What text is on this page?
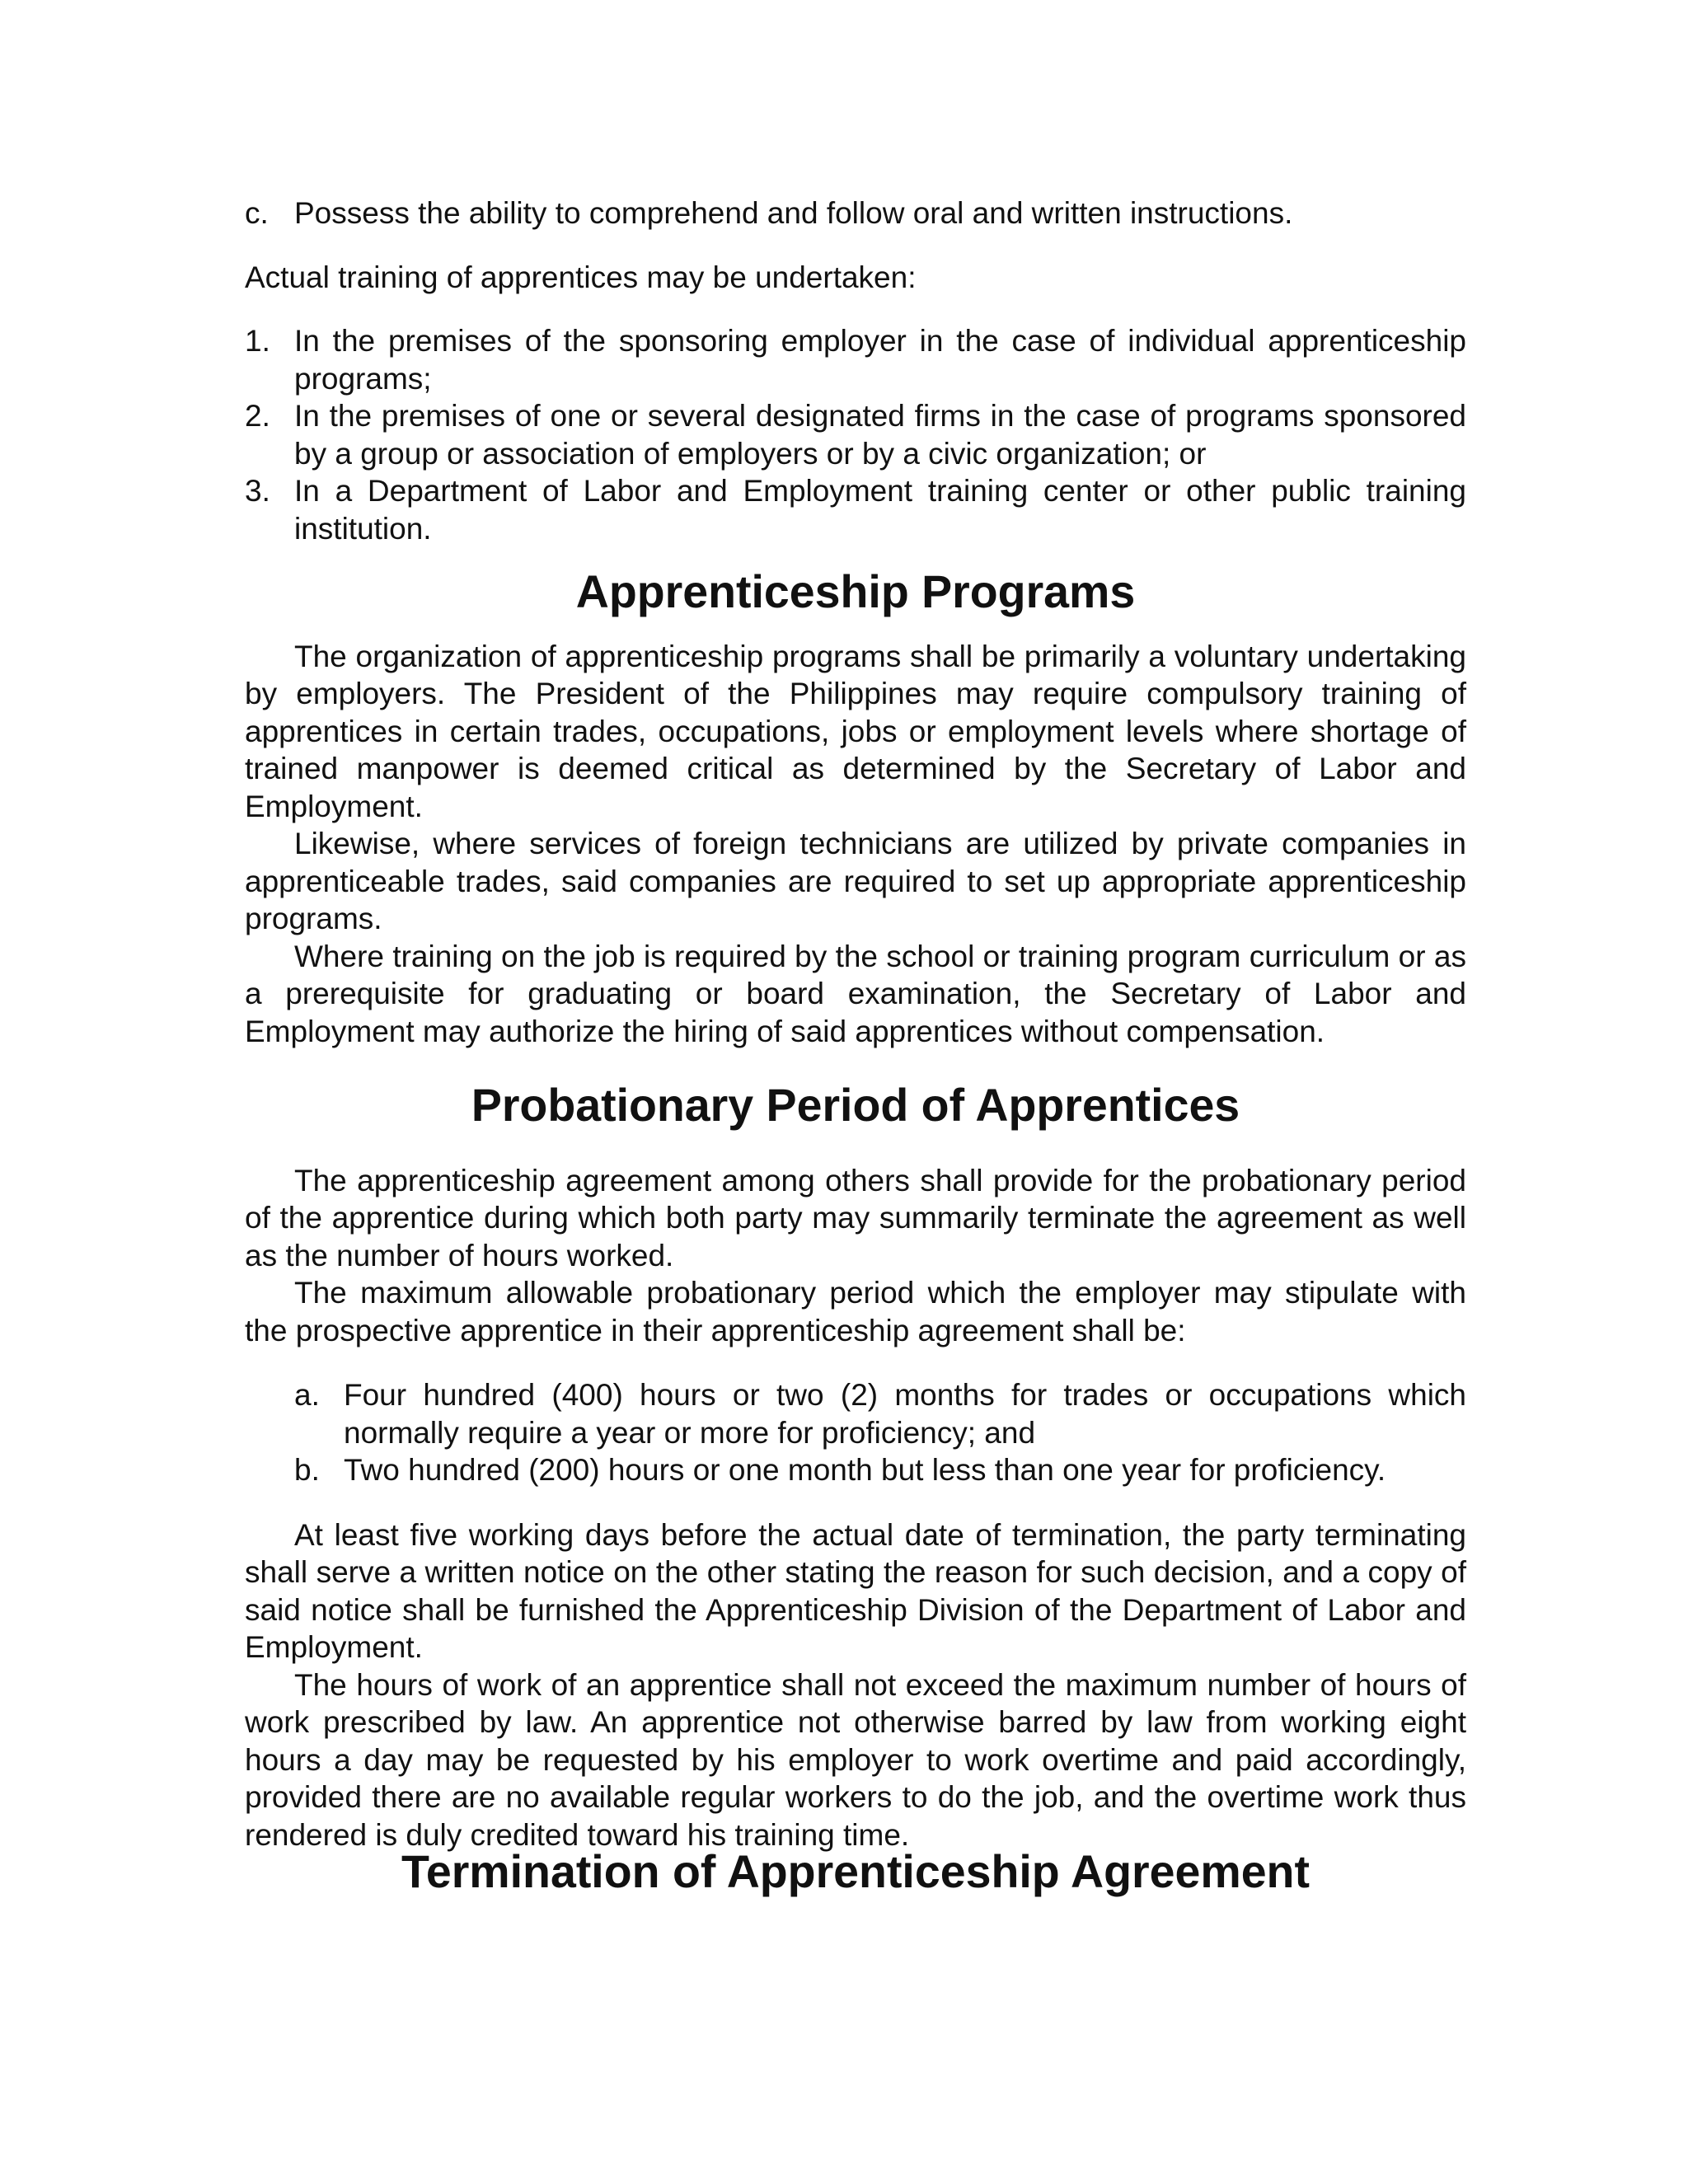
c. Possess the ability to comprehend and follow oral and written instructions.

Actual training of apprentices may be undertaken:

1. In the premises of the sponsoring employer in the case of individual apprenticeship programs;
2. In the premises of one or several designated firms in the case of programs sponsored by a group or association of employers or by a civic organization; or
3. In a Department of Labor and Employment training center or other public training institution.
Apprenticeship Programs

The organization of apprenticeship programs shall be primarily a voluntary undertaking by employers. The President of the Philippines may require compulsory training of apprentices in certain trades, occupations, jobs or employment levels where shortage of trained manpower is deemed critical as determined by the Secretary of Labor and Employment.

Likewise, where services of foreign technicians are utilized by private companies in apprenticeable trades, said companies are required to set up appropriate apprenticeship programs.

Where training on the job is required by the school or training program curriculum or as a prerequisite for graduating or board examination, the Secretary of Labor and Employment may authorize the hiring of said apprentices without compensation.

Probationary Period of Apprentices

The apprenticeship agreement among others shall provide for the probationary period of the apprentice during which both party may summarily terminate the agreement as well as the number of hours worked.

The maximum allowable probationary period which the employer may stipulate with the prospective apprentice in their apprenticeship agreement shall be:

a. Four hundred (400) hours or two (2) months for trades or occupations which normally require a year or more for proficiency; and
b. Two hundred (200) hours or one month but less than one year for proficiency.

At least five working days before the actual date of termination, the party terminating shall serve a written notice on the other stating the reason for such decision, and a copy of said notice shall be furnished the Apprenticeship Division of the Department of Labor and Employment.

The hours of work of an apprentice shall not exceed the maximum number of hours of work prescribed by law. An apprentice not otherwise barred by law from working eight hours a day may be requested by his employer to work overtime and paid accordingly, provided there are no available regular workers to do the job, and the overtime work thus rendered is duly credited toward his training time.

Termination of Apprenticeship Agreement
